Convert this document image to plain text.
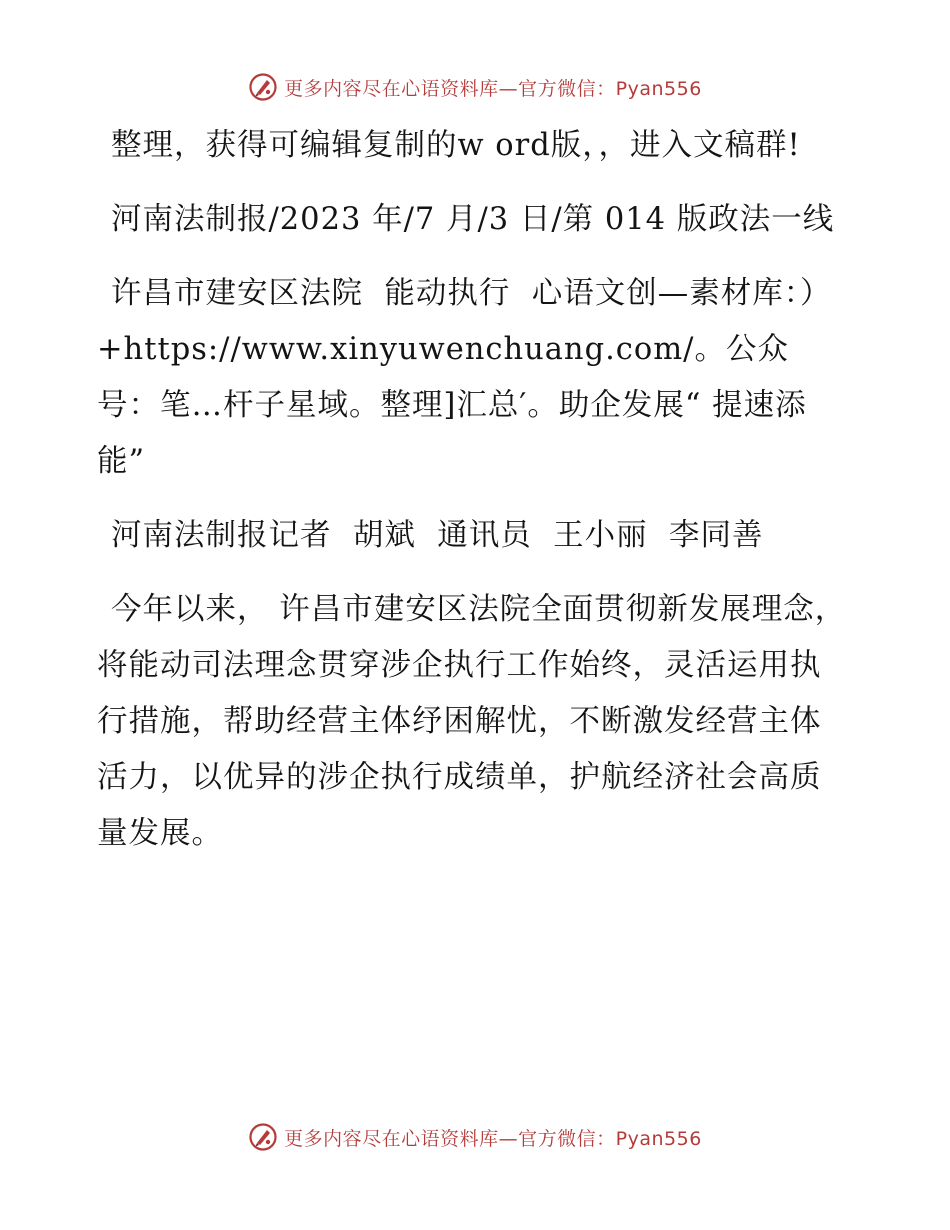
更多内容尽在心语资料库—官方微信：Pyan556

整理，获得可编辑复制的w ord版，，进入文稿群!

河南法制报/2023 年/7 月/3 日/第 014 版政法一线

许昌市建安区法院  能动执行  心语文创—素材库：）+https://www.xinyuwenchuang.com/。公众号：笔…杆子星域。整理]汇总′。助企发展“ 提速添能”

河南法制报记者  胡斌  通讯员  王小丽  李同善

今年以来， 许昌市建安区法院全面贯彻新发展理念， 将能动司法理念贯穿涉企执行工作始终，灵活运用执行措施，帮助经营主体纾困解忧，不断激发经营主体活力，以优异的涉企执行成绩单，护航经济社会高质量发展。

更多内容尽在心语资料库—官方微信：Pyan556
